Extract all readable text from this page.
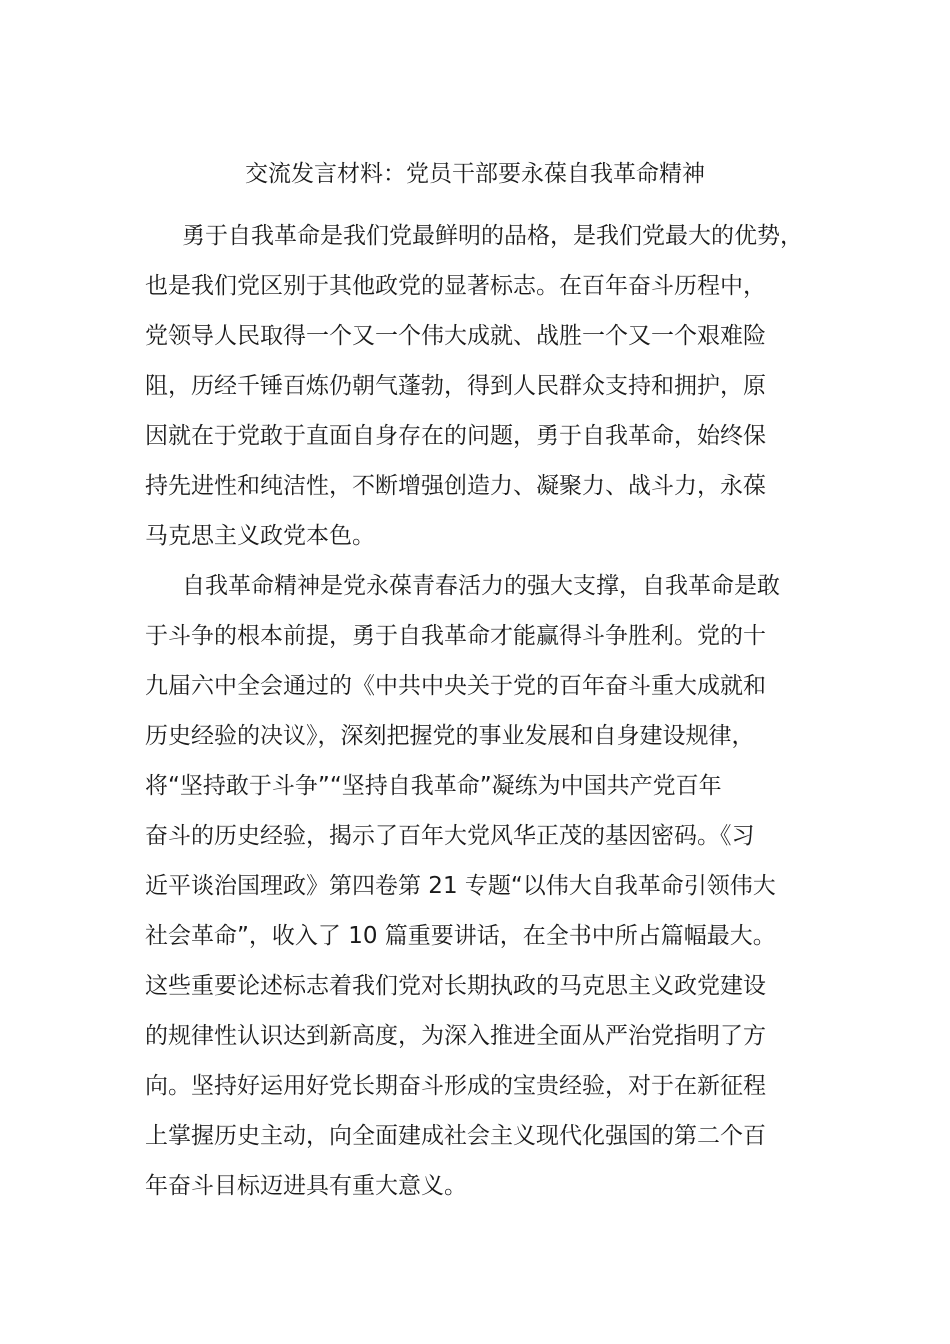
交流发言材料：党员干部要永葆自我革命精神
勇于自我革命是我们党最鲜明的品格，是我们党最大的优势，
也是我们党区别于其他政党的显著标志。在百年奋斗历程中，
党领导人民取得一个又一个伟大成就、战胜一个又一个艰难险
阻，历经千锤百炼仍朝气蓬勃，得到人民群众支持和拥护，原
因就在于党敢于直面自身存在的问题，勇于自我革命，始终保
持先进性和纯洁性，不断增强创造力、凝聚力、战斗力，永葆
马克思主义政党本色。
自我革命精神是党永葆青春活力的强大支撑，自我革命是敢
于斗争的根本前提，勇于自我革命才能赢得斗争胜利。党的十
九届六中全会通过的《中共中央关于党的百年奋斗重大成就和
历史经验的决议》，深刻把握党的事业发展和自身建设规律，
将“坚持敢于斗争”“坚持自我革命”凝练为中国共产党百年
奋斗的历史经验，揭示了百年大党风华正茂的基因密码。《习
近平谈治国理政》第四卷第 21 专题“以伟大自我革命引领伟大
社会革命”，收入了 10 篇重要讲话，在全书中所占篇幅最大。
这些重要论述标志着我们党对长期执政的马克思主义政党建设
的规律性认识达到新高度，为深入推进全面从严治党指明了方
向。坚持好运用好党长期奋斗形成的宝贵经验，对于在新征程
上掌握历史主动，向全面建成社会主义现代化强国的第二个百
年奋斗目标迈进具有重大意义。
